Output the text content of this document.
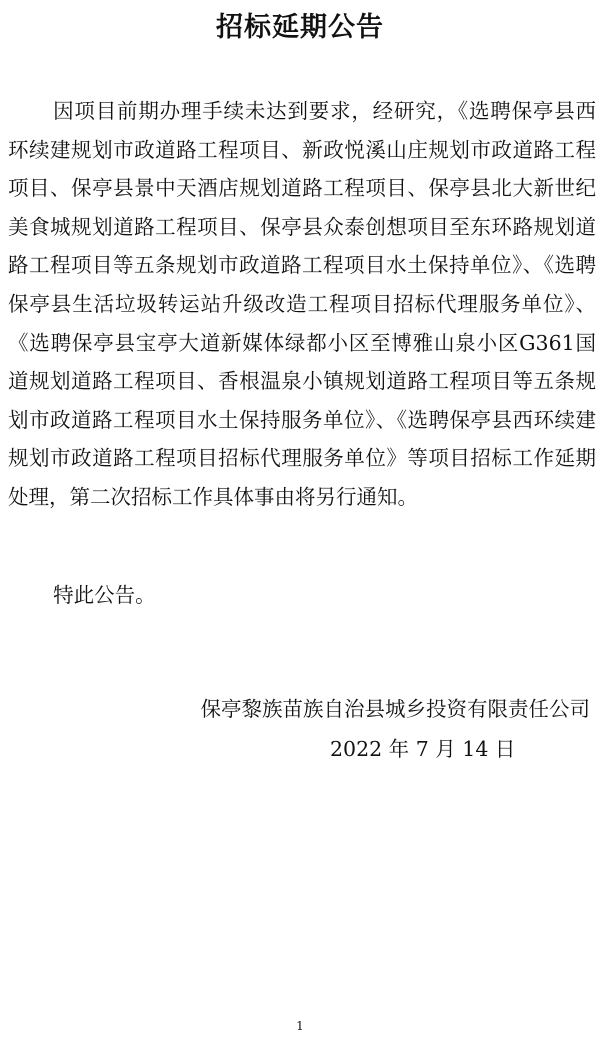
招标延期公告

因项目前期办理手续未达到要求，经研究，《选聘保亭县西环续建规划市政道路工程项目、新政悦溪山庄规划市政道路工程项目、保亭县景中天酒店规划道路工程项目、保亭县北大新世纪美食城规划道路工程项目、保亭县众泰创想项目至东环路规划道路工程项目等五条规划市政道路工程项目水土保持单位》、《选聘保亭县生活垃圾转运站升级改造工程项目招标代理服务单位》、《选聘保亭县宝亭大道新媒体绿都小区至博雅山泉小区G361国道规划道路工程项目、香根温泉小镇规划道路工程项目等五条规划市政道路工程项目水土保持服务单位》、《选聘保亭县西环续建规划市政道路工程项目招标代理服务单位》等项目招标工作延期处理，第二次招标工作具体事由将另行通知。

特此公告。

保亭黎族苗族自治县城乡投资有限责任公司

2022 年 7 月 14 日

1
